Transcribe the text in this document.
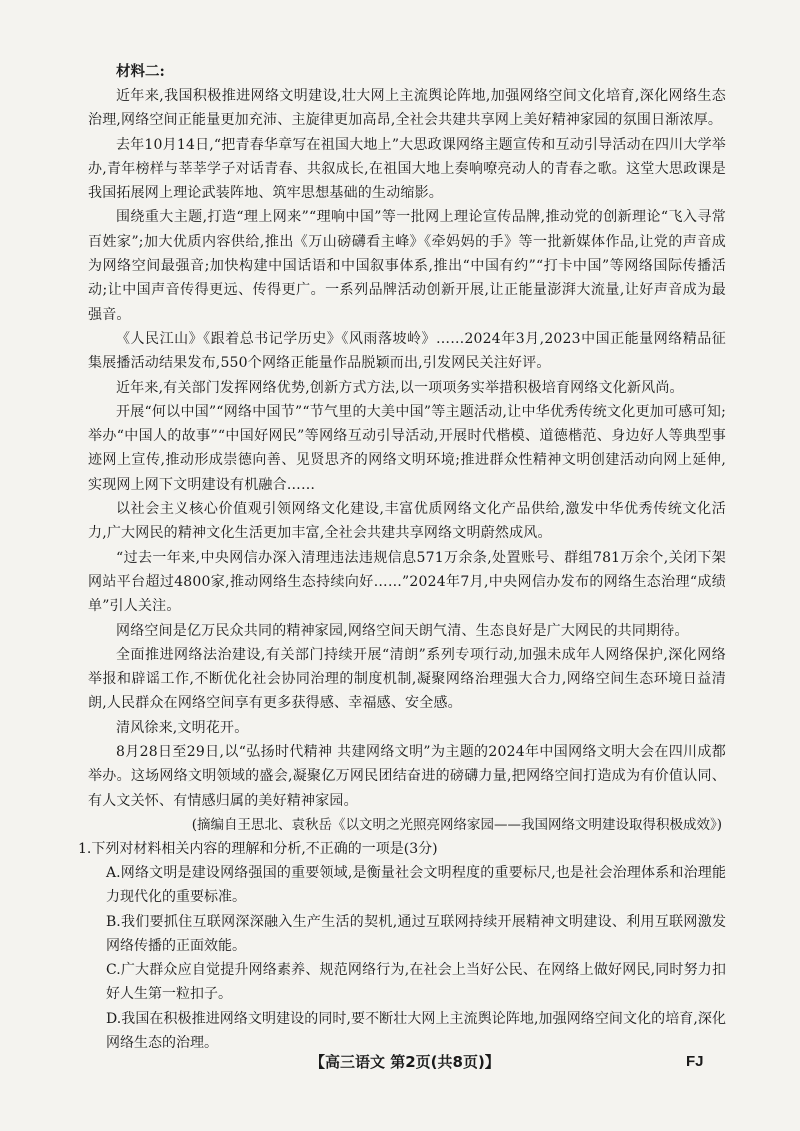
材料二:

近年来,我国积极推进网络文明建设,壮大网上主流舆论阵地,加强网络空间文化培育,深化网络生态治理,网络空间正能量更加充沛、主旋律更加高昂,全社会共建共享网上美好精神家园的氛围日渐浓厚。

去年10月14日,“把青春华章写在祖国大地上”大思政课网络主题宣传和互动引导活动在四川大学举办,青年榜样与莘莘学子对话青春、共叙成长,在祖国大地上奏响嘹亮动人的青春之歌。这堂大思政课是我国拓展网上理论武装阵地、筑牢思想基础的生动缩影。

围绕重大主题,打造“理上网来”“理响中国”等一批网上理论宣传品牌,推动党的创新理论“飞入寻常百姓家”;加大优质内容供给,推出《万山磅礴看主峰》《牵妈妈的手》等一批新媒体作品,让党的声音成为网络空间最强音;加快构建中国话语和中国叙事体系,推出“中国有约”“打卡中国”等网络国际传播活动;让中国声音传得更远、传得更广。一系列品牌活动创新开展,让正能量澎湃大流量,让好声音成为最强音。

《人民江山》《跟着总书记学历史》《风雨落坡岭》……2024年3月,2023中国正能量网络精品征集展播活动结果发布,550个网络正能量作品脱颖而出,引发网民关注好评。

近年来,有关部门发挥网络优势,创新方式方法,以一项项务实举措积极培育网络文化新风尚。

开展“何以中国”“网络中国节”“节气里的大美中国”等主题活动,让中华优秀传统文化更加可感可知;举办“中国人的故事”“中国好网民”等网络互动引导活动,开展时代楷模、道德楷范、身边好人等典型事迹网上宣传,推动形成崇德向善、见贤思齐的网络文明环境;推进群众性精神文明创建活动向网上延伸,实现网上网下文明建设有机融合……

以社会主义核心价值观引领网络文化建设,丰富优质网络文化产品供给,激发中华优秀传统文化活力,广大网民的精神文化生活更加丰富,全社会共建共享网络文明蔚然成风。

“过去一年来,中央网信办深入清理违法违规信息571万余条,处置账号、群组781万余个,关闭下架网站平台超过4800家,推动网络生态持续向好……”2024年7月,中央网信办发布的网络生态治理“成绩单”引人关注。

网络空间是亿万民众共同的精神家园,网络空间天朗气清、生态良好是广大网民的共同期待。

全面推进网络法治建设,有关部门持续开展“清朗”系列专项行动,加强未成年人网络保护,深化网络举报和辟谣工作,不断优化社会协同治理的制度机制,凝聚网络治理强大合力,网络空间生态环境日益清朗,人民群众在网络空间享有更多获得感、幸福感、安全感。

清风徐来,文明花开。

8月28日至29日,以“弘扬时代精神 共建网络文明”为主题的2024年中国网络文明大会在四川成都举办。这场网络文明领域的盛会,凝聚亿万网民团结奋进的磅礴力量,把网络空间打造成为有价值认同、有人文关怀、有情感归属的美好精神家园。

(摘编自王思北、袁秋岳《以文明之光照亮网络家园——我国网络文明建设取得积极成效》)

1.下列对材料相关内容的理解和分析,不正确的一项是(3分)

A.网络文明是建设网络强国的重要领域,是衡量社会文明程度的重要标尺,也是社会治理体系和治理能力现代化的重要标准。

B.我们要抓住互联网深深融入生产生活的契机,通过互联网持续开展精神文明建设、利用互联网激发网络传播的正面效能。

C.广大群众应自觉提升网络素养、规范网络行为,在社会上当好公民、在网络上做好网民,同时努力扣好人生第一粒扣子。

D.我国在积极推进网络文明建设的同时,要不断壮大网上主流舆论阵地,加强网络空间文化的培育,深化网络生态的治理。

【高三语文 第2页(共8页)】	FJ
